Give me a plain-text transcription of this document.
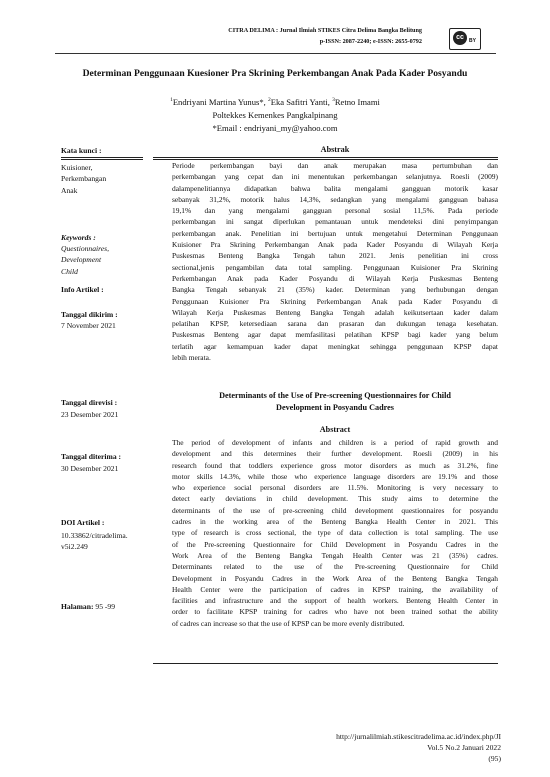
CITRA DELIMA : Jurnal Ilmiah STIKES Citra Delima Bangka Belitung
p-ISSN: 2087-2240; e-ISSN: 2655-0792
cc	BY
Determinan Penggunaan Kuesioner Pra Skrining Perkembangan Anak Pada Kader Posyandu
$^1$Endriyani Martina Yunus*, $^2$Eka Safitri Yanti, $^3$Retno Imami
Poltekkes Kemenkes Pangkalpinang
*Email : endriyani_my@yahoo.com
Kata kunci :
Kuisioner,
Perkembangan
Anak
Keywords :
Questionnaires,
Development
Child
Info Artikel :
Tanggal dikirim :
7 November 2021
Tanggal direvisi :
23 Desember 2021
Tanggal diterima :
30 Desember 2021
DOI Artikel :
10.33862/citradelima.
v5i2.249
Halaman: 95 -99
Abstrak
Periode perkembangan bayi dan anak merupakan masa pertumbuhan dan
perkembangan yang cepat dan ini menentukan perkembangan selanjutnya. Roesli (2009)
dalampenelitiannya didapatkan bahwa balita mengalami gangguan motorik kasar
sebanyak 31,2%, motorik halus 14,3%, sedangkan yang mengalami gangguan bahasa
19,1% dan yang mengalami gangguan personal sosial 11,5%. Pada periode
perkembangan ini sangat diperlukan pemantauan untuk mendeteksi dini penyimpangan
perkembangan anak. Penelitian ini bertujuan untuk mengetahui Determinan Penggunaan
Kuisioner Pra Skrining Perkembangan Anak pada Kader Posyandu di Wilayah Kerja
Puskesmas Benteng Bangka Tengah tahun 2021. Jenis penelitian ini cross
sectional,jenis pengambilan data total sampling. Penggunaan Kuisioner Pra Skrining
Perkembangan Anak pada Kader Posyandu di Wilayah Kerja Puskesmas Benteng
Bangka Tengah sebanyak 21 (35%) kader. Determinan yang berhubungan dengan
Penggunaan Kuisioner Pra Skrining Perkembangan Anak pada Kader Posyandu di
Wilayah Kerja Puskesmas Benteng Bangka Tengah adalah keikutsertaan kader dalam
pelatihan KPSP, ketersediaan sarana dan prasaran dan dukungan tenaga kesehatan.
Puskesmas Benteng agar dapat memfasilitasi pelatihan KPSP bagi kader yang belum
terlatih agar kemampuan kader dapat meningkat sehingga penggunaan KPSP dapat
lebih merata.
Determinants of the Use of Pre-screening Questionnaires for Child
Development in Posyandu Cadres
Abstract
The period of development of infants and children is a period of rapid growth and
development and this determines their further development. Roesli (2009) in his
research found that toddlers experience gross motor disorders as much as 31.2%, fine
motor skills 14.3%, while those who experience language disorders are 19.1% and those
who experience social personal disorders are 11.5%. Monitoring is very necessary to
detect early deviations in child development. This study aims to determine the
determinants of the use of pre-screening child development questionnaires for posyandu
cadres in the working area of the Benteng Bangka Health Center in 2021. This
type of research is cross sectional, the type of data collection is total sampling. The use
of the Pre-screening Questionnaire for Child Development in Posyandu Cadres in the
Work Area of the Benteng Bangka Tengah Health Center was 21 (35%) cadres.
Determinants related to the use of the Pre-screening Questionnaire for Child
Development in Posyandu Cadres in the Work Area of the Benteng Bangka Tengah
Health Center were the participation of cadres in KPSP training, the availability of
facilities and infrastructure and the support of health workers. Benteng Health Center in
order to facilitate KPSP training for cadres who have not been trained sothat the ability
of cadres can increase so that the use of KPSP can be more evenly distributed.
http://jurnalilmiah.stikescitradelima.ac.id/index.php/JI
Vol.5 No.2 Januari 2022
(95)
